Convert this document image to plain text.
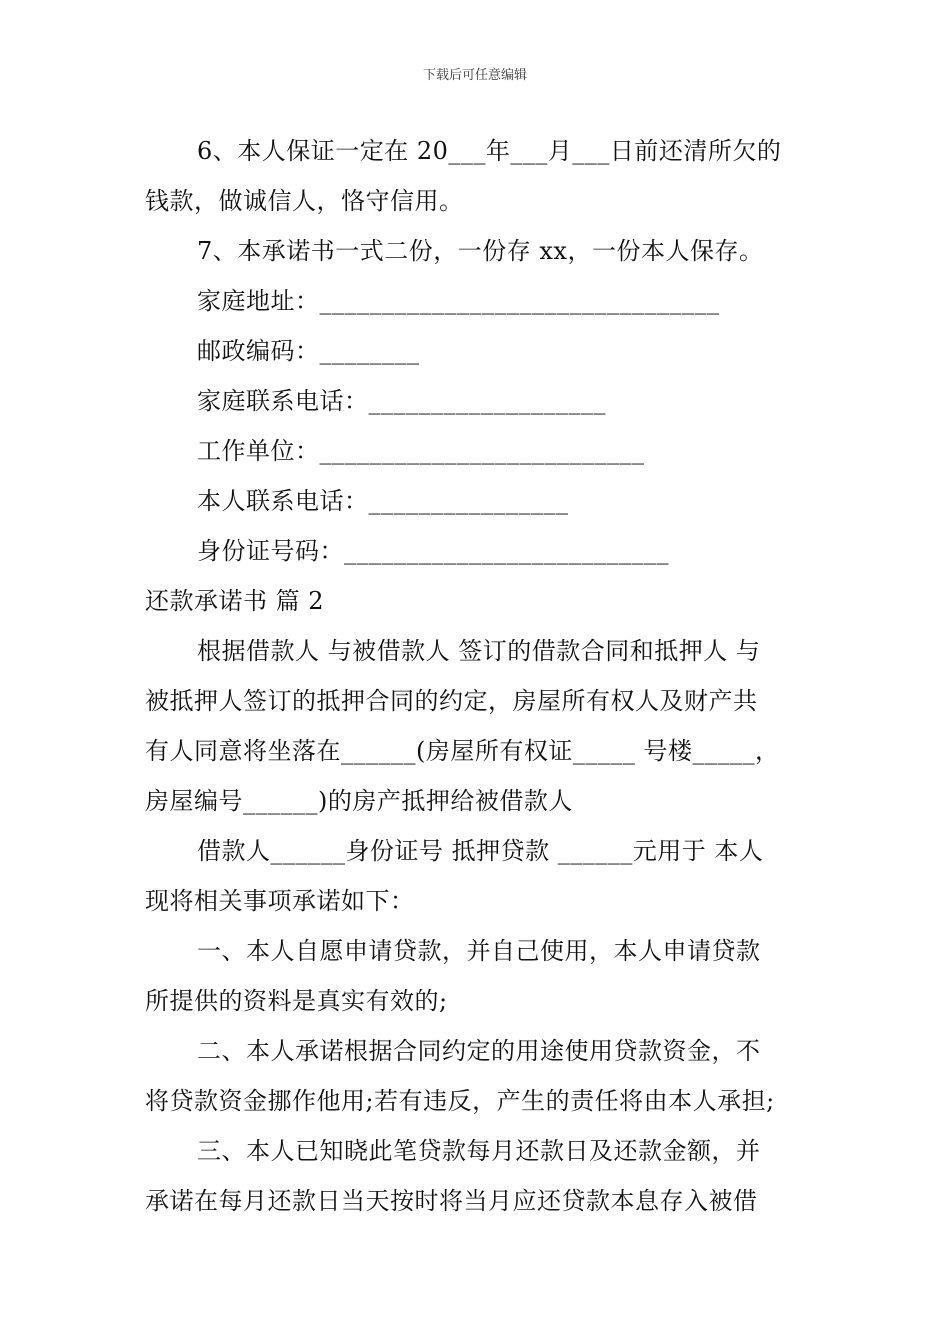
下载后可任意编辑
6、本人保证一定在 20___年___月___日前还清所欠的
钱款，做诚信人，恪守信用。
7、本承诺书一式二份，一份存 xx，一份本人保存。
家庭地址：________________________________
邮政编码：________
家庭联系电话：___________________
工作单位：__________________________
本人联系电话：________________
身份证号码：__________________________
还款承诺书 篇 2
根据借款人 与被借款人 签订的借款合同和抵押人 与
被抵押人签订的抵押合同的约定，房屋所有权人及财产共
有人同意将坐落在______(房屋所有权证_____ 号楼_____，
房屋编号______)的房产抵押给被借款人
借款人______身份证号 抵押贷款 ______元用于 本人
现将相关事项承诺如下：
一、本人自愿申请贷款，并自己使用，本人申请贷款
所提供的资料是真实有效的;
二、本人承诺根据合同约定的用途使用贷款资金，不
将贷款资金挪作他用;若有违反，产生的责任将由本人承担;
三、本人已知晓此笔贷款每月还款日及还款金额，并
承诺在每月还款日当天按时将当月应还贷款本息存入被借
